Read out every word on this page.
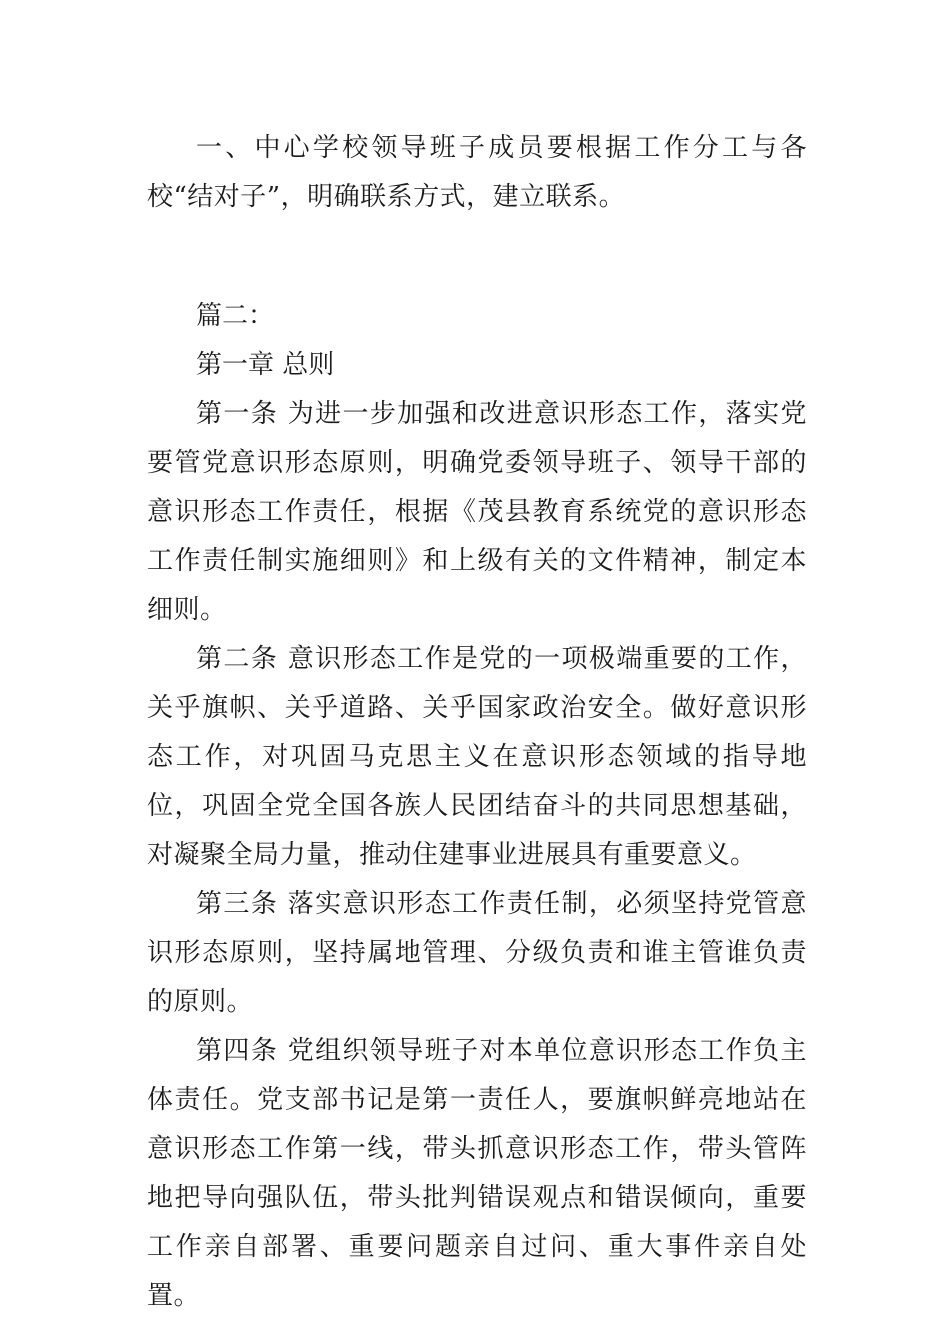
一、中心学校领导班子成员要根据工作分工与各校“结对子”，明确联系方式，建立联系。

篇二：

第一章 总则

第一条 为进一步加强和改进意识形态工作，落实党要管党意识形态原则，明确党委领导班子、领导干部的意识形态工作责任，根据《茂县教育系统党的意识形态工作责任制实施细则》和上级有关的文件精神，制定本细则。

第二条 意识形态工作是党的一项极端重要的工作，关乎旗帜、关乎道路、关乎国家政治安全。做好意识形态工作，对巩固马克思主义在意识形态领域的指导地位，巩固全党全国各族人民团结奋斗的共同思想基础，对凝聚全局力量，推动住建事业进展具有重要意义。

第三条 落实意识形态工作责任制，必须坚持党管意识形态原则，坚持属地管理、分级负责和谁主管谁负责的原则。

第四条 党组织领导班子对本单位意识形态工作负主体责任。党支部书记是第一责任人，要旗帜鲜亮地站在意识形态工作第一线，带头抓意识形态工作，带头管阵地把导向强队伍，带头批判错误观点和错误倾向，重要工作亲自部署、重要问题亲自过问、重大事件亲自处置。
